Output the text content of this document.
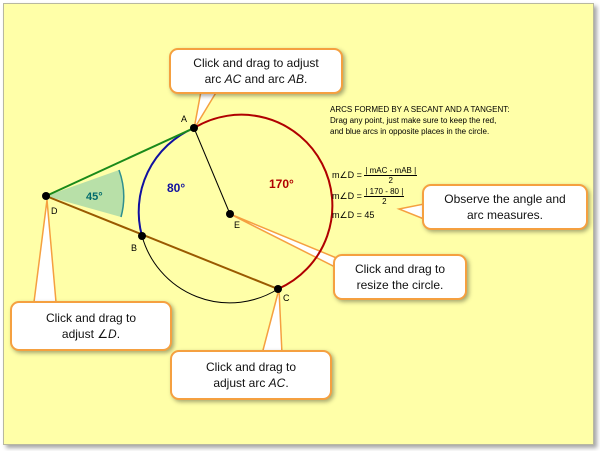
A
B
C
D
E
80°	170°
45°
ARCS FORMED BY A SECANT AND A TANGENT:
Drag any point, just make sure to keep the red,
and blue arcs in opposite places in the circle.
m∠D = $\frac{\text{| mAC - mAB |}}{2}$
m∠D = $\frac{| 170 - 80 |}{2}$
m∠D = 45
Click and drag to adjust
arc AC and arc AB.
Observe the angle and
arc measures.
Click and drag to
resize the circle.
Click and drag to
adjust ∠D.
Click and drag to
adjust arc AC.
